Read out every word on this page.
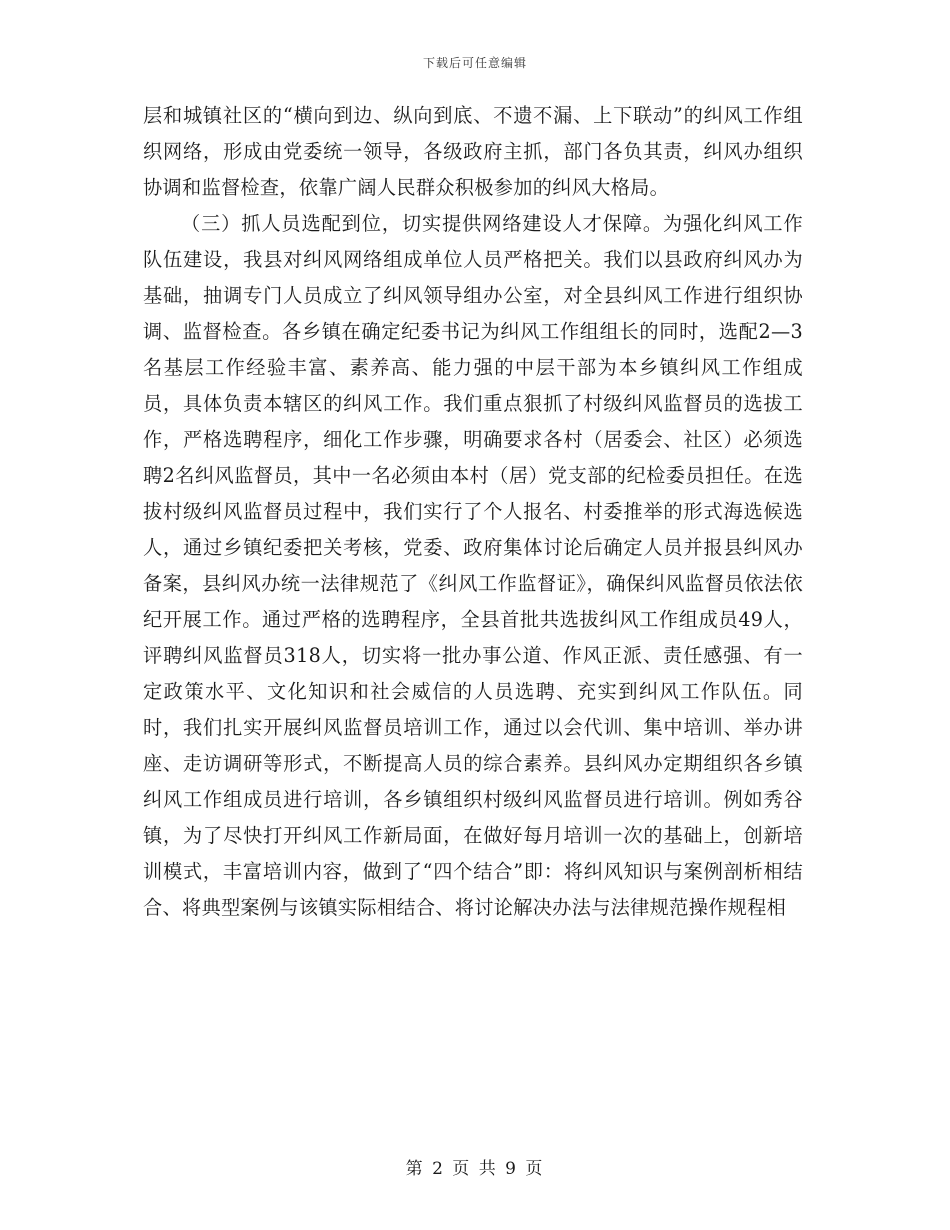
下载后可任意编辑

层和城镇社区的“横向到边、纵向到底、不遗不漏、上下联动”的纠风工作组织网络，形成由党委统一领导，各级政府主抓，部门各负其责，纠风办组织协调和监督检查，依靠广阔人民群众积极参加的纠风大格局。

（三）抓人员选配到位，切实提供网络建设人才保障。为强化纠风工作队伍建设，我县对纠风网络组成单位人员严格把关。我们以县政府纠风办为基础，抽调专门人员成立了纠风领导组办公室，对全县纠风工作进行组织协调、监督检查。各乡镇在确定纪委书记为纠风工作组组长的同时，选配2—3名基层工作经验丰富、素养高、能力强的中层干部为本乡镇纠风工作组成员，具体负责本辖区的纠风工作。我们重点狠抓了村级纠风监督员的选拔工作，严格选聘程序，细化工作步骤，明确要求各村（居委会、社区）必须选聘2名纠风监督员，其中一名必须由本村（居）党支部的纪检委员担任。在选拔村级纠风监督员过程中，我们实行了个人报名、村委推举的形式海选候选人，通过乡镇纪委把关考核，党委、政府集体讨论后确定人员并报县纠风办备案，县纠风办统一法律规范了《纠风工作监督证》，确保纠风监督员依法依纪开展工作。通过严格的选聘程序，全县首批共选拔纠风工作组成员49人，评聘纠风监督员318人，切实将一批办事公道、作风正派、责任感强、有一定政策水平、文化知识和社会威信的人员选聘、充实到纠风工作队伍。同时，我们扎实开展纠风监督员培训工作，通过以会代训、集中培训、举办讲座、走访调研等形式，不断提高人员的综合素养。县纠风办定期组织各乡镇纠风工作组成员进行培训，各乡镇组织村级纠风监督员进行培训。例如秀谷镇，为了尽快打开纠风工作新局面，在做好每月培训一次的基础上，创新培训模式，丰富培训内容，做到了“四个结合”即：将纠风知识与案例剖析相结合、将典型案例与该镇实际相结合、将讨论解决办法与法律规范操作规程相

第 2 页 共 9 页
